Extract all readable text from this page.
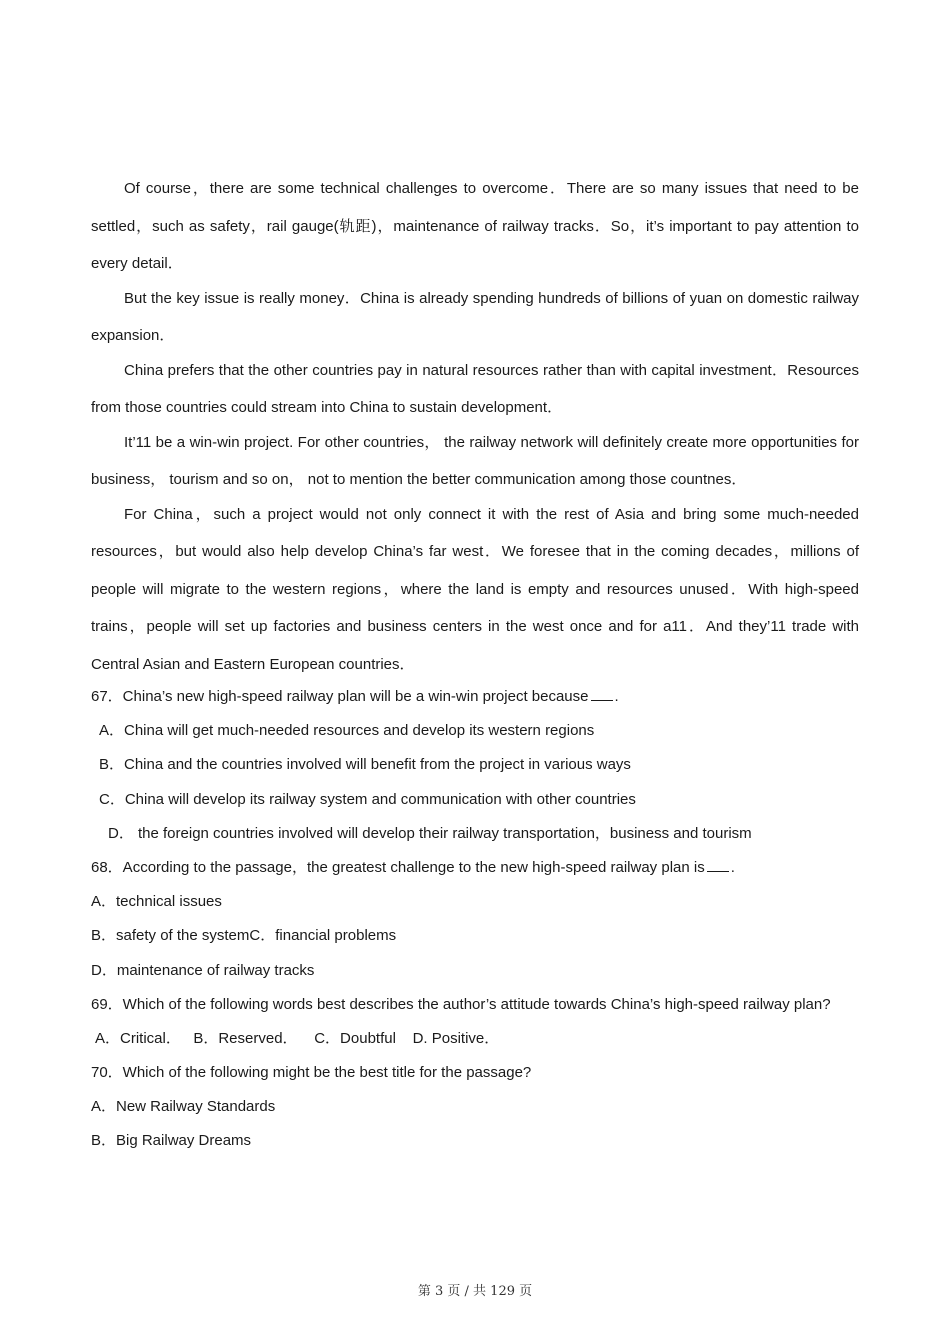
Of course，there are some technical challenges to overcome．There are so many issues that need to be settled，such as safety，rail gauge(轨距)，maintenance of railway tracks．So，it’s important to pay attention to every detail．

But the key issue is really money．China is already spending hundreds of billions of yuan on domestic railway expansion．

China prefers that the other countries pay in natural resources rather than with capital investment．Resources from those countries could stream into China to sustain development．

It’11 be a win-win project. For other countries， the railway network will definitely create more opportunities for business， tourism and so on， not to mention the better communication among those countnes．

For China，such a project would not only connect it with the rest of Asia and bring some much-needed resources，but would also help develop China’s far west．We foresee that in the coming decades，millions of people will migrate to the western regions，where the land is empty and resources unused．With high-speed trains，people will set up factories and business centers in the west once and for a11．And they’11 trade with Central Asian and Eastern European countries．

67．China’s new high-speed railway plan will be a win-win project because .
A．China will get much-needed resources and develop its western regions
B．China and the countries involved will benefit from the project in various ways
C．China will develop its railway system and communication with other countries
D． the foreign countries involved will develop their railway transportation，business and tourism
68．According to the passage，the greatest challenge to the new high-speed railway plan is .
A．technical issues
B．safety of the systemC．financial problems
D．maintenance of railway tracks
69．Which of the following words best describes the author’s attitude towards China’s high-speed railway plan?
A．Critical．   B．Reserved．    C．Doubtful    D. Positive．
70．Which of the following might be the best title for the passage?
A．New Railway Standards
B．Big Railway Dreams
第 3 页 / 共 129 页
